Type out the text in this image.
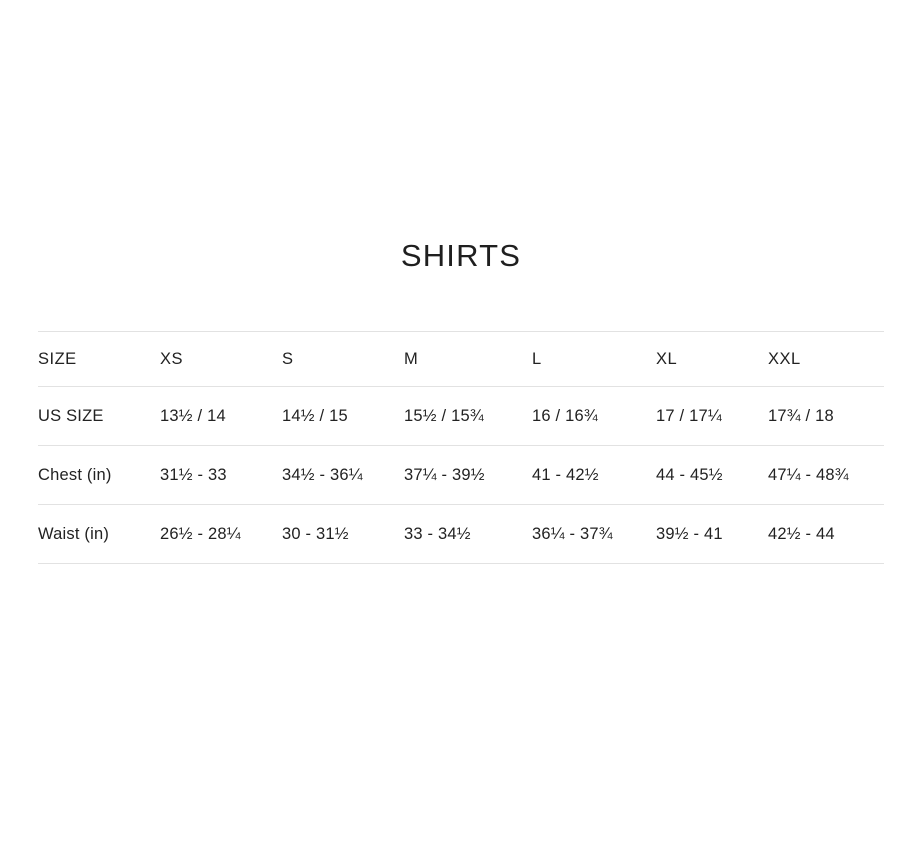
SHIRTS
SIZE	XS	S	M	L	XL	XXL
US SIZE	13½ / 14	14½ / 15	15½ / 15¾	16 / 16¾	17 / 17¼	17¾ / 18
Chest (in)	31½ - 33	34½ - 36¼	37¼ - 39½	41 - 42½	44 - 45½	47¼ - 48¾
Waist (in)	26½ - 28¼	30 - 31½	33 - 34½	36¼ - 37¾	39½ - 41	42½ - 44
